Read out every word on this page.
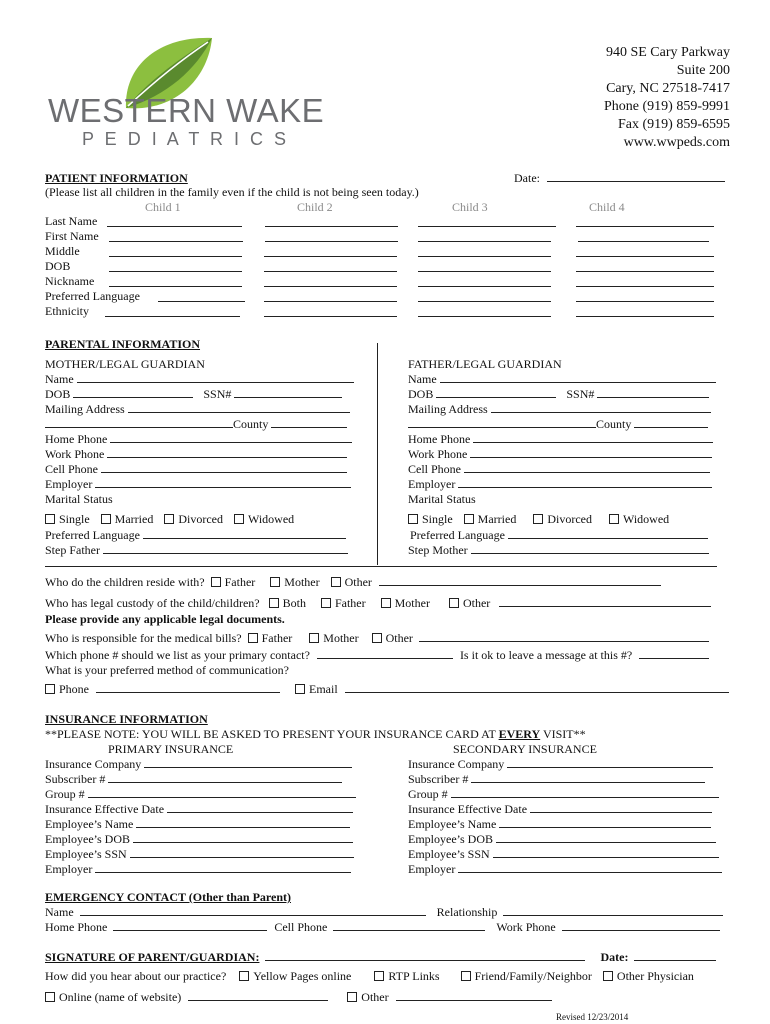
WESTERN WAKE
P E D I A T R I C S
940 SE Cary Parkway
Suite 200
Cary, NC 27518-7417
Phone (919) 859-9991
Fax (919) 859-6595
www.wwpeds.com
PATIENT INFORMATION	Date:
(Please list all children in the family even if the child is not being seen today.)
Child 1	Child 2	Child 3	Child 4
Last Name
First Name
Middle
DOB
Nickname
Preferred Language
Ethnicity
PARENTAL INFORMATION
MOTHER/LEGAL GUARDIAN
Name
DOB	SSN#
Mailing Address
County
Home Phone
Work Phone
Cell Phone
Employer
Marital Status
Single Married Divorced Widowed
Preferred Language
Step Father
FATHER/LEGAL GUARDIAN
Name
DOB	SSN#
Mailing Address
County
Home Phone
Work Phone
Cell Phone
Employer
Marital Status
Single Married	Divorced	Widowed
Preferred Language
Step Mother
Who do the children reside with? Father Mother Other
Who has legal custody of the child/children? Both Father Mother	Other
Please provide any applicable legal documents.
Who is responsible for the medical bills? Father	Mother Other
Which phone # should we list as your primary contact?	Is it ok to leave a message at this #?
What is your preferred method of communication?
Phone	Email
INSURANCE INFORMATION
**PLEASE NOTE: YOU WILL BE ASKED TO PRESENT YOUR INSURANCE CARD AT EVERY VISIT**
PRIMARY INSURANCE	SECONDARY INSURANCE
Insurance Company
Subscriber #
Group #
Insurance Effective Date
Employee’s Name
Employee’s DOB
Employee’s SSN
Employer
Insurance Company
Subscriber #
Group #
Insurance Effective Date
Employee’s Name
Employee’s DOB
Employee’s SSN
Employer
EMERGENCY CONTACT (Other than Parent)
Name	Relationship
Home Phone	Cell Phone	Work Phone
SIGNATURE OF PARENT/GUARDIAN:	Date:
How did you hear about our practice? Yellow Pages online	RTP Links	Friend/Family/Neighbor Other Physician
Online (name of website)	Other
Revised 12/23/2014
